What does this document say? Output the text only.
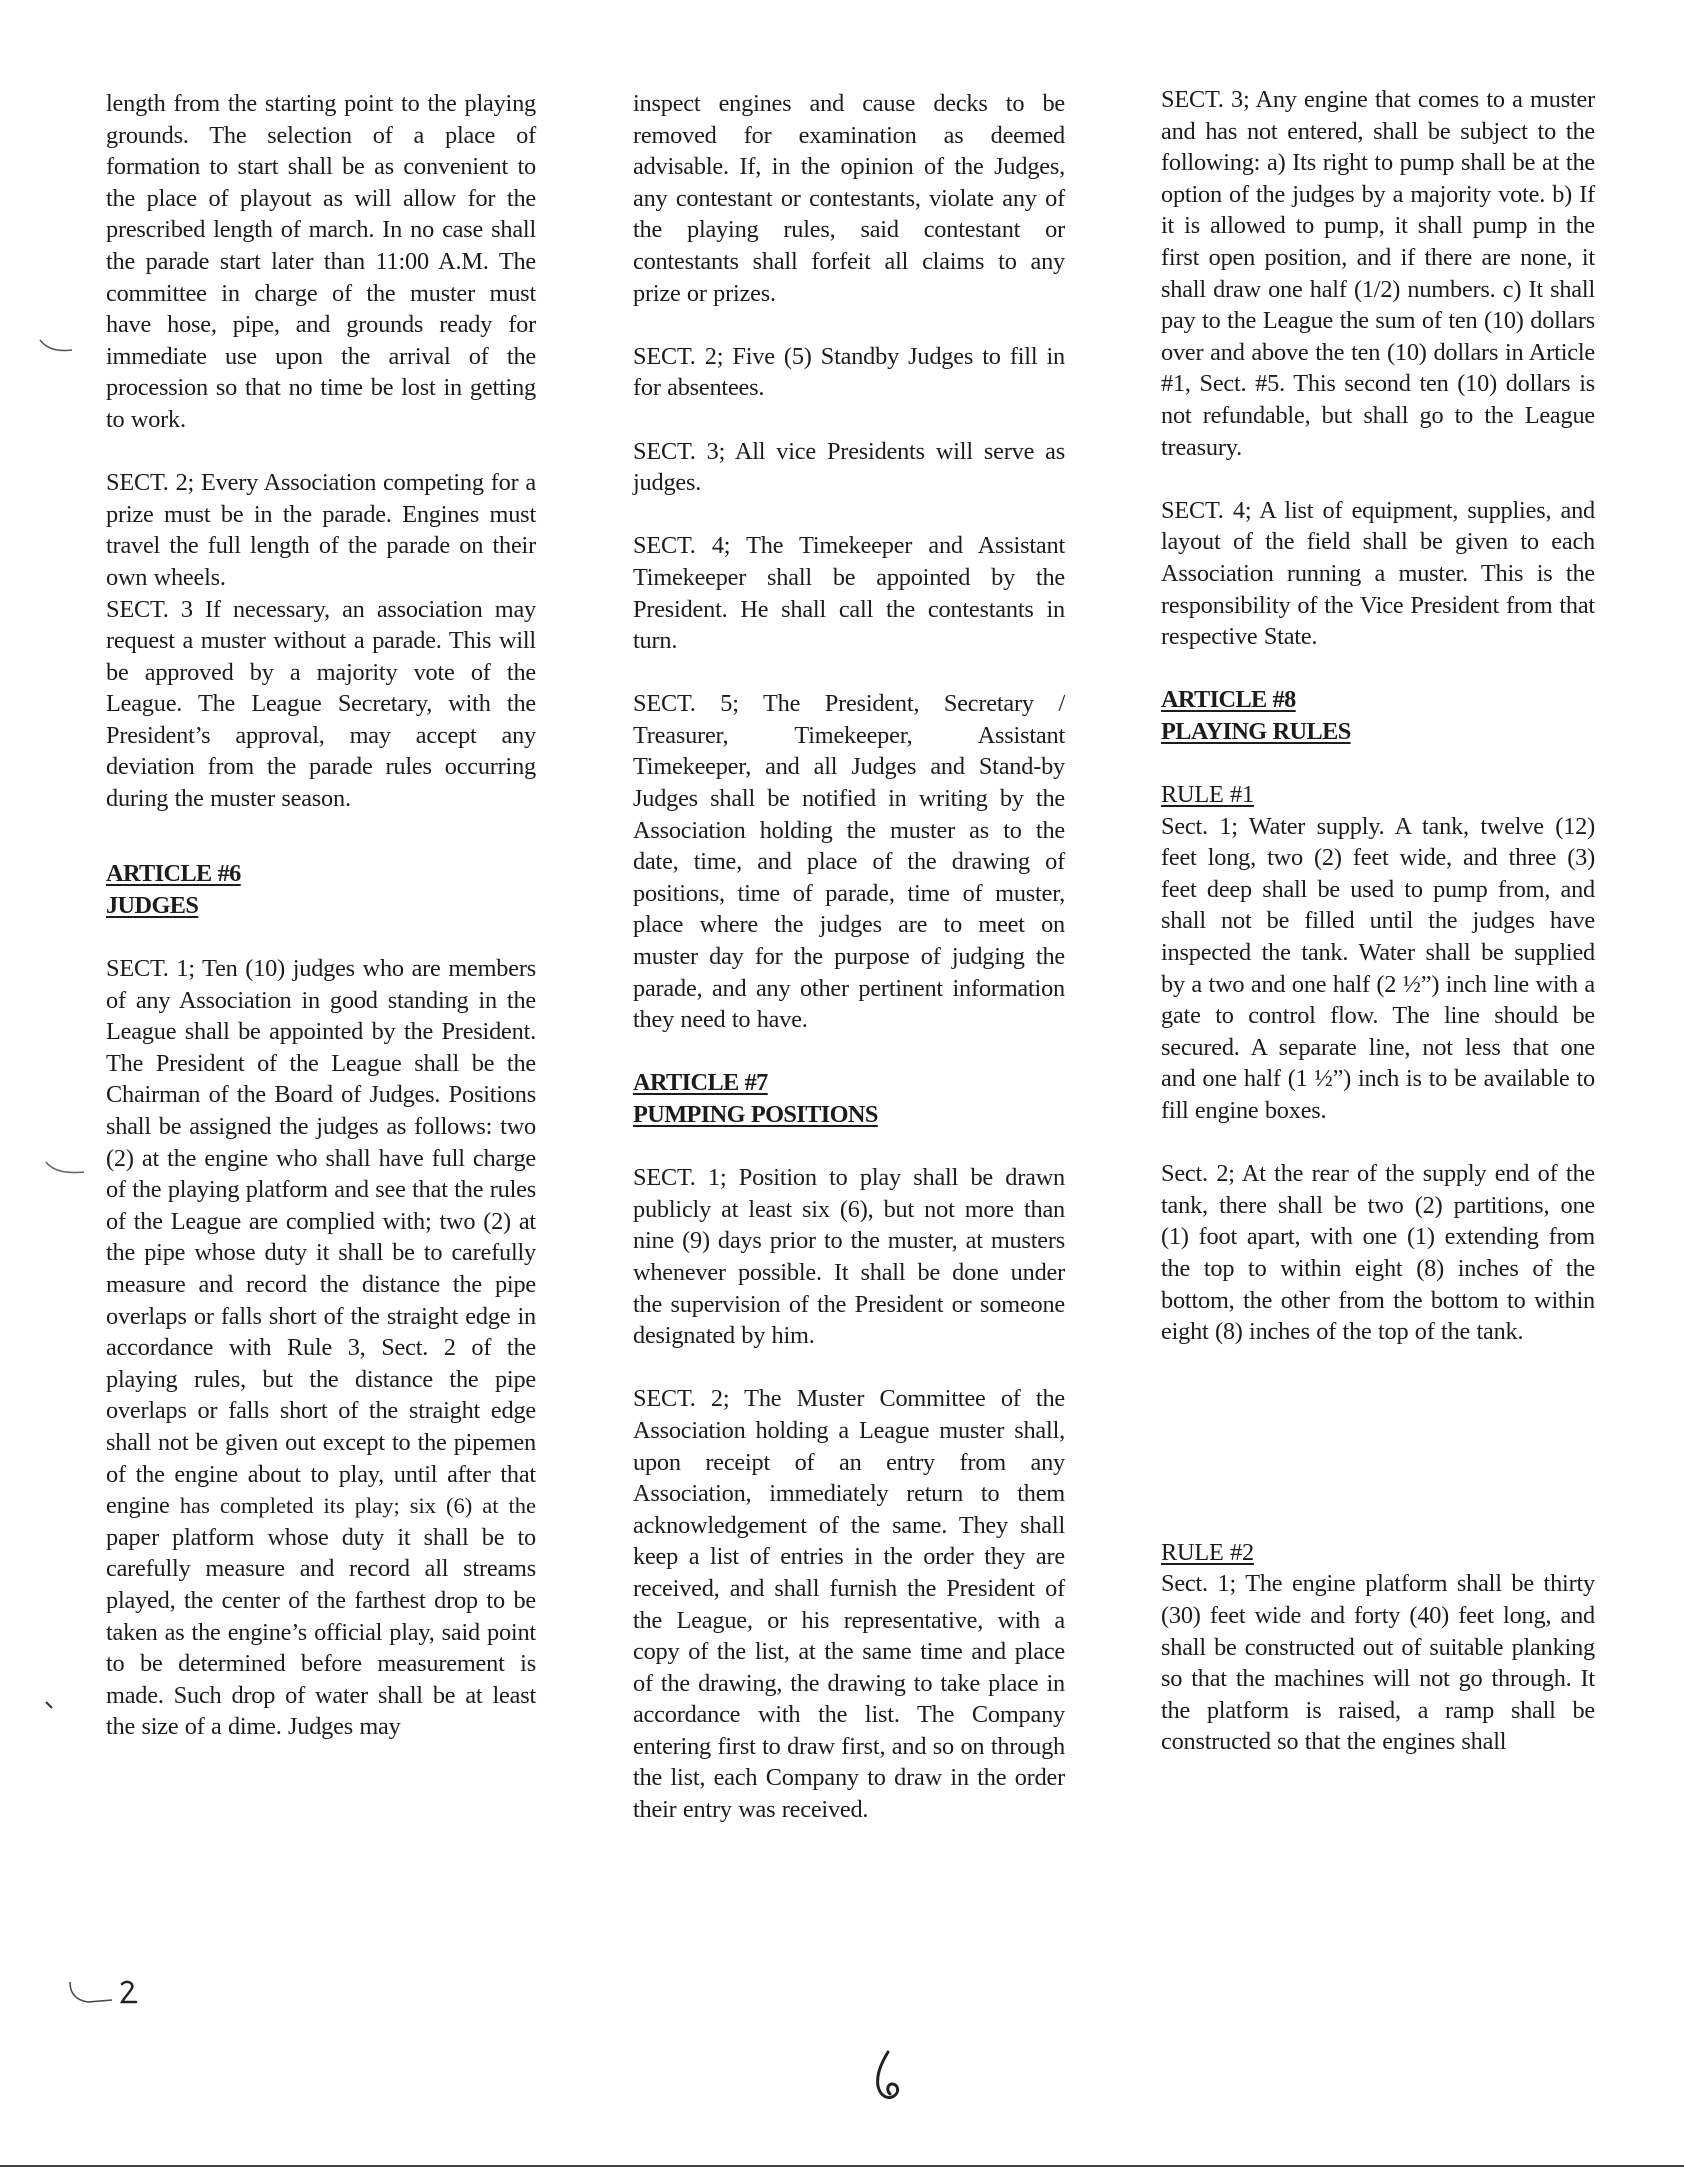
length from the starting point to the playing grounds. The selection of a place of formation to start shall be as convenient to the place of playout as will allow for the prescribed length of march. In no case shall the parade start later than 11:00 A.M. The committee in charge of the muster must have hose, pipe, and grounds ready for immediate use upon the arrival of the procession so that no time be lost in getting to work.

SECT. 2; Every Association competing for a prize must be in the parade. Engines must travel the full length of the parade on their own wheels.

SECT. 3 If necessary, an association may request a muster without a parade. This will be approved by a majority vote of the League. The League Secretary, with the President’s approval, may accept any deviation from the parade rules occurring during the muster season.

ARTICLE #6

JUDGES

SECT. 1; Ten (10) judges who are members of any Association in good standing in the League shall be appointed by the President. The President of the League shall be the Chairman of the Board of Judges. Positions shall be assigned the judges as follows: two (2) at the engine who shall have full charge of the playing platform and see that the rules of the League are complied with; two (2) at the pipe whose duty it shall be to carefully measure and record the distance the pipe overlaps or falls short of the straight edge in accordance with Rule 3, Sect. 2 of the playing rules, but the distance the pipe overlaps or falls short of the straight edge shall not be given out except to the pipemen of the engine about to play, until after that engine has completed its play; six (6) at the paper platform whose duty it shall be to carefully measure and record all streams played, the center of the farthest drop to be taken as the engine’s official play, said point to be determined before measurement is made. Such drop of water shall be at least the size of a dime. Judges may

inspect engines and cause decks to be removed for examination as deemed advisable. If, in the opinion of the Judges, any contestant or contestants, violate any of the playing rules, said contestant or contestants shall forfeit all claims to any prize or prizes.

SECT. 2; Five (5) Standby Judges to fill in for absentees.

SECT. 3; All vice Presidents will serve as judges.

SECT. 4; The Timekeeper and Assistant Timekeeper shall be appointed by the President. He shall call the contestants in turn.

SECT. 5; The President, Secretary / Treasurer, Timekeeper, Assistant Timekeeper, and all Judges and Stand-by Judges shall be notified in writing by the Association holding the muster as to the date, time, and place of the drawing of positions, time of parade, time of muster, place where the judges are to meet on muster day for the purpose of judging the parade, and any other pertinent information they need to have.

ARTICLE #7

PUMPING POSITIONS

SECT. 1; Position to play shall be drawn publicly at least six (6), but not more than nine (9) days prior to the muster, at musters whenever possible. It shall be done under the supervision of the President or someone designated by him.

SECT. 2; The Muster Committee of the Association holding a League muster shall, upon receipt of an entry from any Association, immediately return to them acknowledgement of the same. They shall keep a list of entries in the order they are received, and shall furnish the President of the League, or his representative, with a copy of the list, at the same time and place of the drawing, the drawing to take place in accordance with the list. The Company entering first to draw first, and so on through the list, each Company to draw in the order their entry was received.

SECT. 3; Any engine that comes to a muster and has not entered, shall be subject to the following: a) Its right to pump shall be at the option of the judges by a majority vote. b) If it is allowed to pump, it shall pump in the first open position, and if there are none, it shall draw one half (1/2) numbers. c) It shall pay to the League the sum of ten (10) dollars over and above the ten (10) dollars in Article #1, Sect. #5. This second ten (10) dollars is not refundable, but shall go to the League treasury.

SECT. 4; A list of equipment, supplies, and layout of the field shall be given to each Association running a muster. This is the responsibility of the Vice President from that respective State.

ARTICLE #8

PLAYING RULES

RULE #1

Sect. 1; Water supply. A tank, twelve (12) feet long, two (2) feet wide, and three (3) feet deep shall be used to pump from, and shall not be filled until the judges have inspected the tank. Water shall be supplied by a two and one half (2 ½”) inch line with a gate to control flow. The line should be secured. A separate line, not less that one and one half (1 ½”) inch is to be available to fill engine boxes.

Sect. 2; At the rear of the supply end of the tank, there shall be two (2) partitions, one (1) foot apart, with one (1) extending from the top to within eight (8) inches of the bottom, the other from the bottom to within eight (8) inches of the top of the tank.

RULE #2

Sect. 1; The engine platform shall be thirty (30) feet wide and forty (40) feet long, and shall be constructed out of suitable planking so that the machines will not go through. It the platform is raised, a ramp shall be constructed so that the engines shall
